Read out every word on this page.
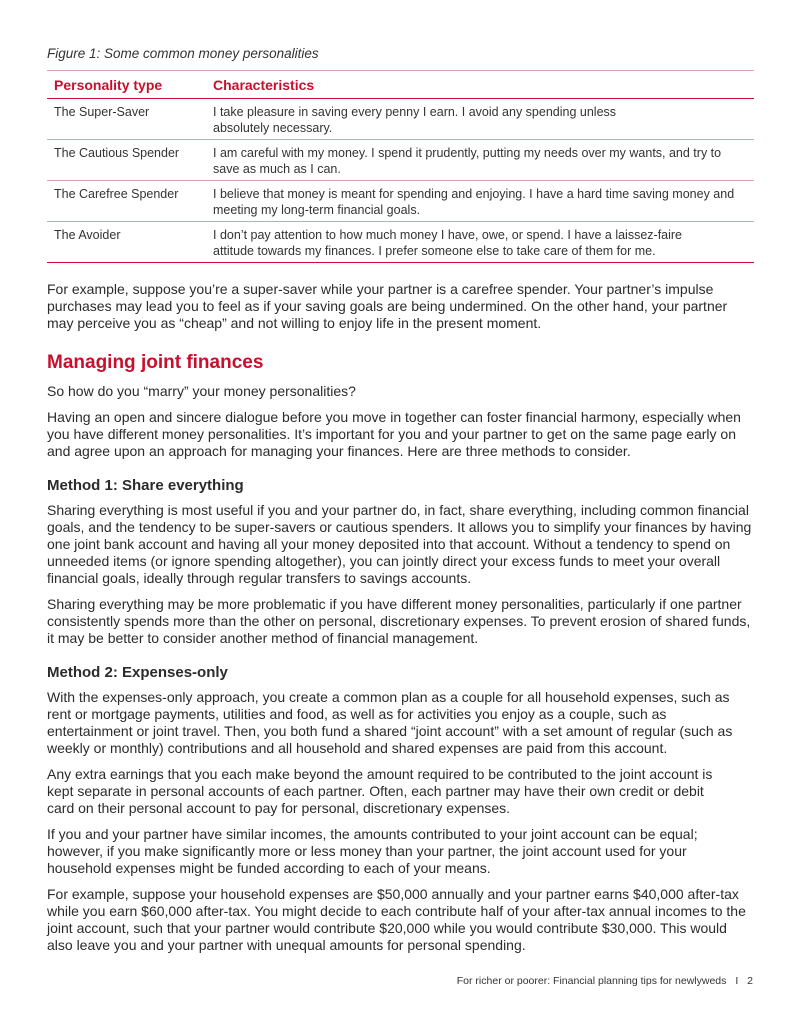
Figure 1: Some common money personalities

Personality type	Characteristics
The Super-Saver	I take pleasure in saving every penny I earn. I avoid any spending unless absolutely necessary.
The Cautious Spender	I am careful with my money. I spend it prudently, putting my needs over my wants, and try to save as much as I can.
The Carefree Spender	I believe that money is meant for spending and enjoying. I have a hard time saving money and meeting my long-term financial goals.
The Avoider	I don’t pay attention to how much money I have, owe, or spend. I have a laissez-faire attitude towards my finances. I prefer someone else to take care of them for me.

For example, suppose you’re a super-saver while your partner is a carefree spender. Your partner’s impulse purchases may lead you to feel as if your saving goals are being undermined. On the other hand, your partner may perceive you as “cheap” and not willing to enjoy life in the present moment.

Managing joint finances

So how do you “marry” your money personalities?

Having an open and sincere dialogue before you move in together can foster financial harmony, especially when you have different money personalities. It’s important for you and your partner to get on the same page early on and agree upon an approach for managing your finances. Here are three methods to consider.

Method 1: Share everything

Sharing everything is most useful if you and your partner do, in fact, share everything, including common financial goals, and the tendency to be super-savers or cautious spenders. It allows you to simplify your finances by having one joint bank account and having all your money deposited into that account. Without a tendency to spend on unneeded items (or ignore spending altogether), you can jointly direct your excess funds to meet your overall financial goals, ideally through regular transfers to savings accounts.

Sharing everything may be more problematic if you have different money personalities, particularly if one partner consistently spends more than the other on personal, discretionary expenses. To prevent erosion of shared funds, it may be better to consider another method of financial management.

Method 2: Expenses-only

With the expenses-only approach, you create a common plan as a couple for all household expenses, such as rent or mortgage payments, utilities and food, as well as for activities you enjoy as a couple, such as entertainment or joint travel. Then, you both fund a shared “joint account” with a set amount of regular (such as weekly or monthly) contributions and all household and shared expenses are paid from this account.

Any extra earnings that you each make beyond the amount required to be contributed to the joint account is kept separate in personal accounts of each partner. Often, each partner may have their own credit or debit card on their personal account to pay for personal, discretionary expenses.

If you and your partner have similar incomes, the amounts contributed to your joint account can be equal; however, if you make significantly more or less money than your partner, the joint account used for your household expenses might be funded according to each of your means.

For example, suppose your household expenses are $50,000 annually and your partner earns $40,000 after-tax while you earn $60,000 after-tax. You might decide to each contribute half of your after-tax annual incomes to the joint account, such that your partner would contribute $20,000 while you would contribute $30,000. This would also leave you and your partner with unequal amounts for personal spending.

For richer or poorer: Financial planning tips for newlyweds I 2
